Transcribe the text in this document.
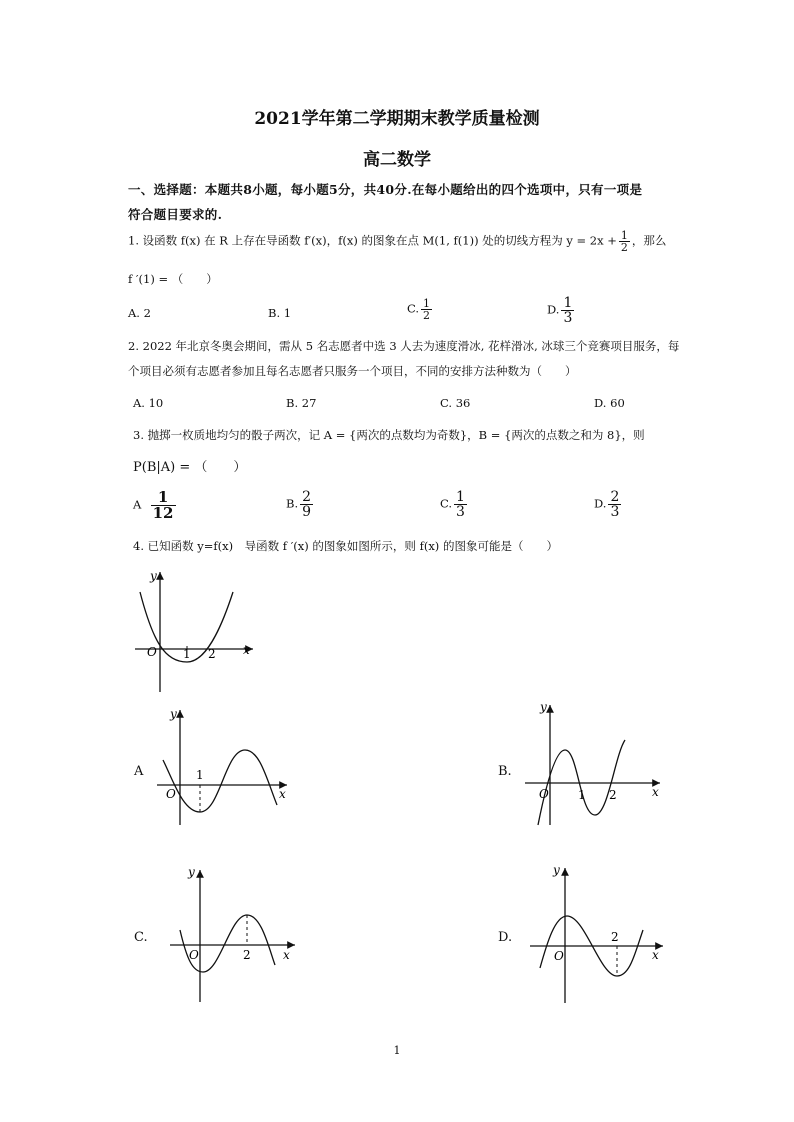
2021学年第二学期期末教学质量检测
高二数学
一、选择题：本题共8小题，每小题5分，共40分.在每小题给出的四个选项中，只有一项是
符合题目要求的.
1. 设函数 f(x) 在 R 上存在导函数 f′(x)，f(x) 的图象在点 M(1, f(1)) 处的切线方程为 $y = 2x + \frac{1}{2}$ ，那么
f ′(1) = （　　）
A. 2	B. 1	C. $\frac{1}{2}$	D. $\frac{1}{3}$
2. 2022 年北京冬奥会期间，需从 5 名志愿者中选 3 人去为速度滑冰, 花样滑冰, 冰球三个竞赛项目服务，每
个项目必须有志愿者参加且每名志愿者只服务一个项目，不同的安排方法种数为（　　）
A. 10	B. 27	C. 36	D. 60
3. 抛掷一枚质地均匀的骰子两次，记 A = {两次的点数均为奇数}，B = {两次的点数之和为 8}，则
P(B|A) = （　　）
A $\frac{1}{12}$	B. $\frac{2}{9}$	C. $\frac{1}{3}$	D. $\frac{2}{3}$
4. 已知函数 y=f(x)　导函数 f ′(x) 的图象如图所示，则 f(x) 的图象可能是（　　）
y
x
O 1 2
A
y
x
O
1	B.
y
x
O 1 2
C.
y
x
O	2
D.
y
x
O
2
1
